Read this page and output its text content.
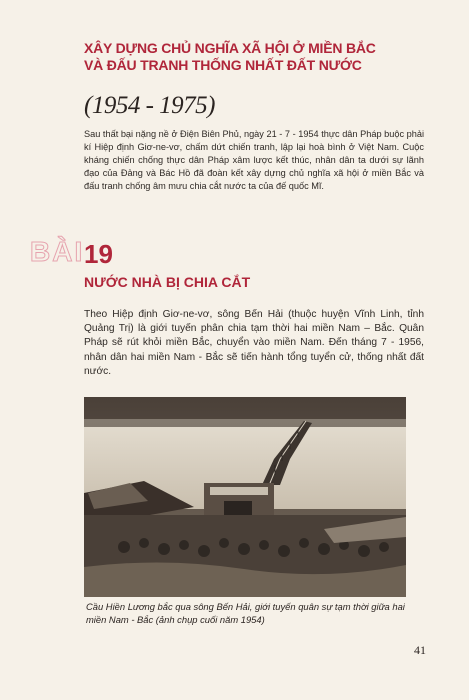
XÂY DỰNG CHỦ NGHĨA XÃ HỘI Ở MIỀN BẮC
VÀ ĐẤU TRANH THỐNG NHẤT ĐẤT NƯỚC
(1954 - 1975)
Sau thất bại nặng nề ở Điện Biên Phủ, ngày 21 - 7 - 1954 thực dân Pháp buộc phải kí Hiệp định Giơ-ne-vơ, chấm dứt chiến tranh, lập lại hoà bình ở Việt Nam. Cuộc kháng chiến chống thực dân Pháp xâm lược kết thúc, nhân dân ta dưới sự lãnh đạo của Đảng và Bác Hồ đã đoàn kết xây dựng chủ nghĩa xã hội ở miền Bắc và đấu tranh chống âm mưu chia cắt nước ta của đế quốc Mĩ.
BÀI 19
NƯỚC NHÀ BỊ CHIA CẮT
Theo Hiệp định Giơ-ne-vơ, sông Bến Hải (thuộc huyện Vĩnh Linh, tỉnh Quảng Trị) là giới tuyến phân chia tạm thời hai miền Nam – Bắc. Quân Pháp sẽ rút khỏi miền Bắc, chuyển vào miền Nam. Đến tháng 7 - 1956, nhân dân hai miền Nam - Bắc sẽ tiến hành tổng tuyển cử, thống nhất đất nước.
Cầu Hiền Lương bắc qua sông Bến Hải, giới tuyến quân sự tạm thời giữa hai miền Nam - Bắc (ảnh chụp cuối năm 1954)
41
